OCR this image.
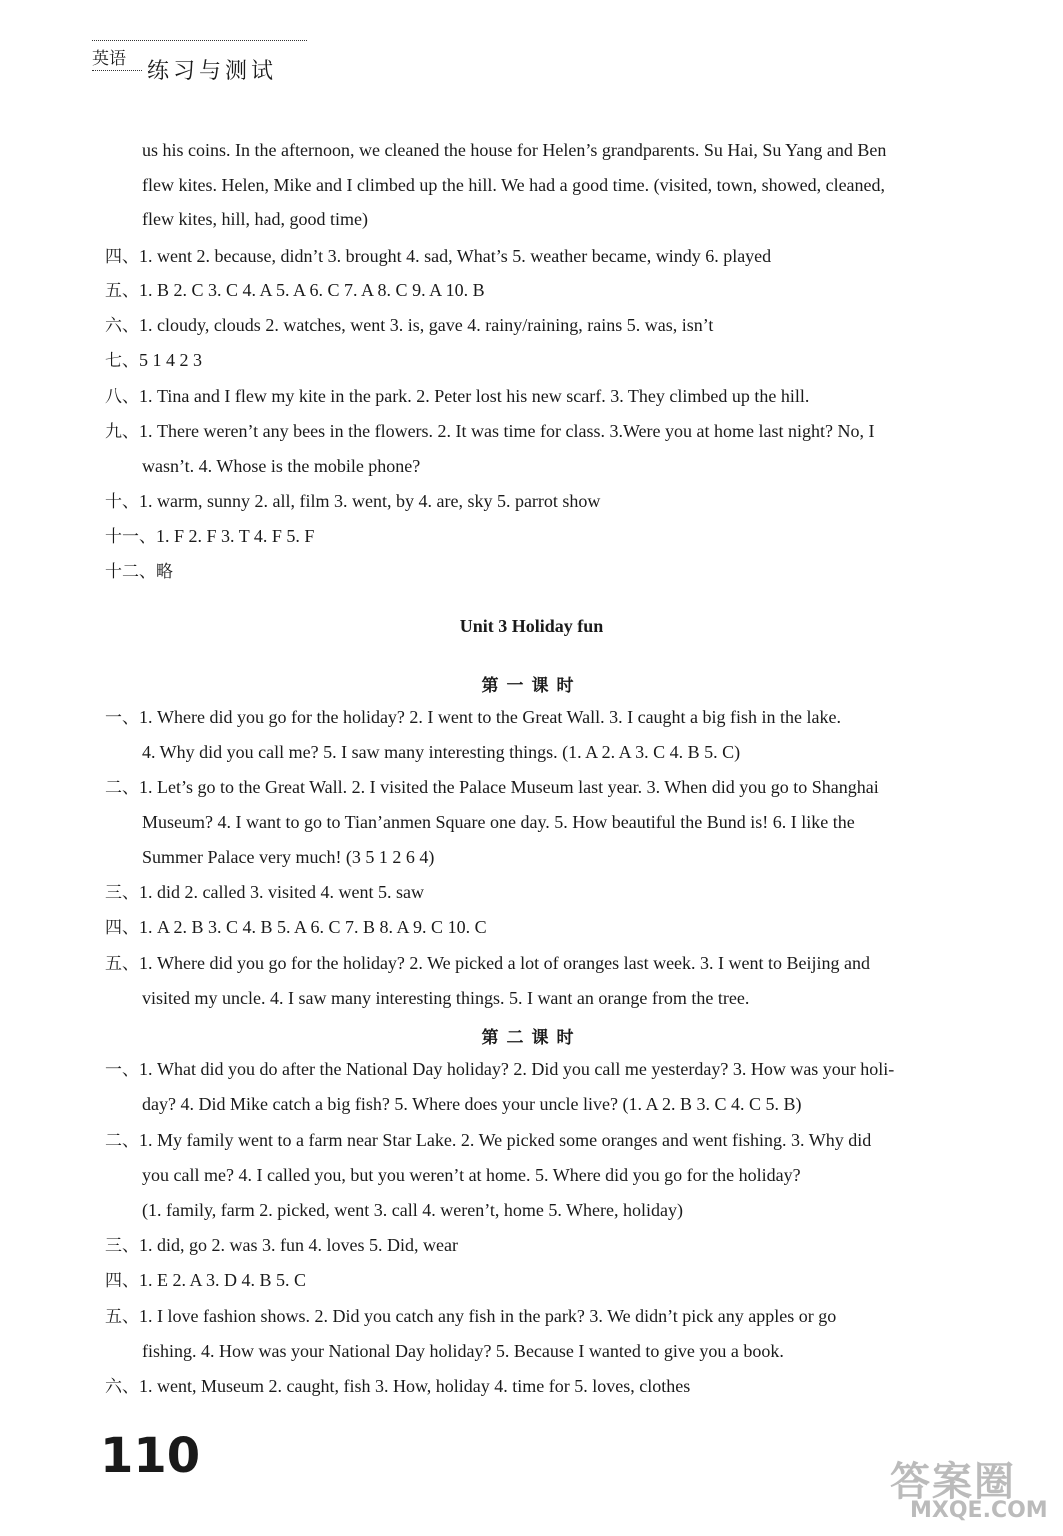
英语 练习与测试
us his coins. In the afternoon, we cleaned the house for Helen’s grandparents. Su Hai, Su Yang and Ben
flew kites. Helen, Mike and I climbed up the hill. We had a good time. (visited, town, showed, cleaned,
flew kites, hill, had, good time)
四、1. went 2. because, didn’t 3. brought 4. sad, What’s 5. weather became, windy 6. played
五、1. B 2. C 3. C 4. A 5. A 6. C 7. A 8. C 9. A 10. B
六、1. cloudy, clouds 2. watches, went 3. is, gave 4. rainy/raining, rains 5. was, isn’t
七、5 1 4 2 3
八、1. Tina and I flew my kite in the park. 2. Peter lost his new scarf. 3. They climbed up the hill.
九、1. There weren’t any bees in the flowers. 2. It was time for class. 3.Were you at home last night? No, I
wasn’t. 4. Whose is the mobile phone?
十、1. warm, sunny 2. all, film 3. went, by 4. are, sky 5. parrot show
十一、1. F 2. F 3. T 4. F 5. F
十二、略
Unit 3 Holiday fun
第一课时
一、1. Where did you go for the holiday? 2. I went to the Great Wall. 3. I caught a big fish in the lake.
4. Why did you call me? 5. I saw many interesting things. (1. A 2. A 3. C 4. B 5. C)
二、1. Let’s go to the Great Wall. 2. I visited the Palace Museum last year. 3. When did you go to Shanghai
Museum? 4. I want to go to Tian’anmen Square one day. 5. How beautiful the Bund is! 6. I like the
Summer Palace very much! (3 5 1 2 6 4)
三、1. did 2. called 3. visited 4. went 5. saw
四、1. A 2. B 3. C 4. B 5. A 6. C 7. B 8. A 9. C 10. C
五、1. Where did you go for the holiday? 2. We picked a lot of oranges last week. 3. I went to Beijing and
visited my uncle. 4. I saw many interesting things. 5. I want an orange from the tree.
第二课时
一、1. What did you do after the National Day holiday? 2. Did you call me yesterday? 3. How was your holi-
day? 4. Did Mike catch a big fish? 5. Where does your uncle live? (1. A 2. B 3. C 4. C 5. B)
二、1. My family went to a farm near Star Lake. 2. We picked some oranges and went fishing. 3. Why did
you call me? 4. I called you, but you weren’t at home. 5. Where did you go for the holiday?
(1. family, farm 2. picked, went 3. call 4. weren’t, home 5. Where, holiday)
三、1. did, go 2. was 3. fun 4. loves 5. Did, wear
四、1. E 2. A 3. D 4. B 5. C
五、1. I love fashion shows. 2. Did you catch any fish in the park? 3. We didn’t pick any apples or go
fishing. 4. How was your National Day holiday? 5. Because I wanted to give you a book.
六、1. went, Museum 2. caught, fish 3. How, holiday 4. time for 5. loves, clothes
110	答案圈
MXQE.COM
